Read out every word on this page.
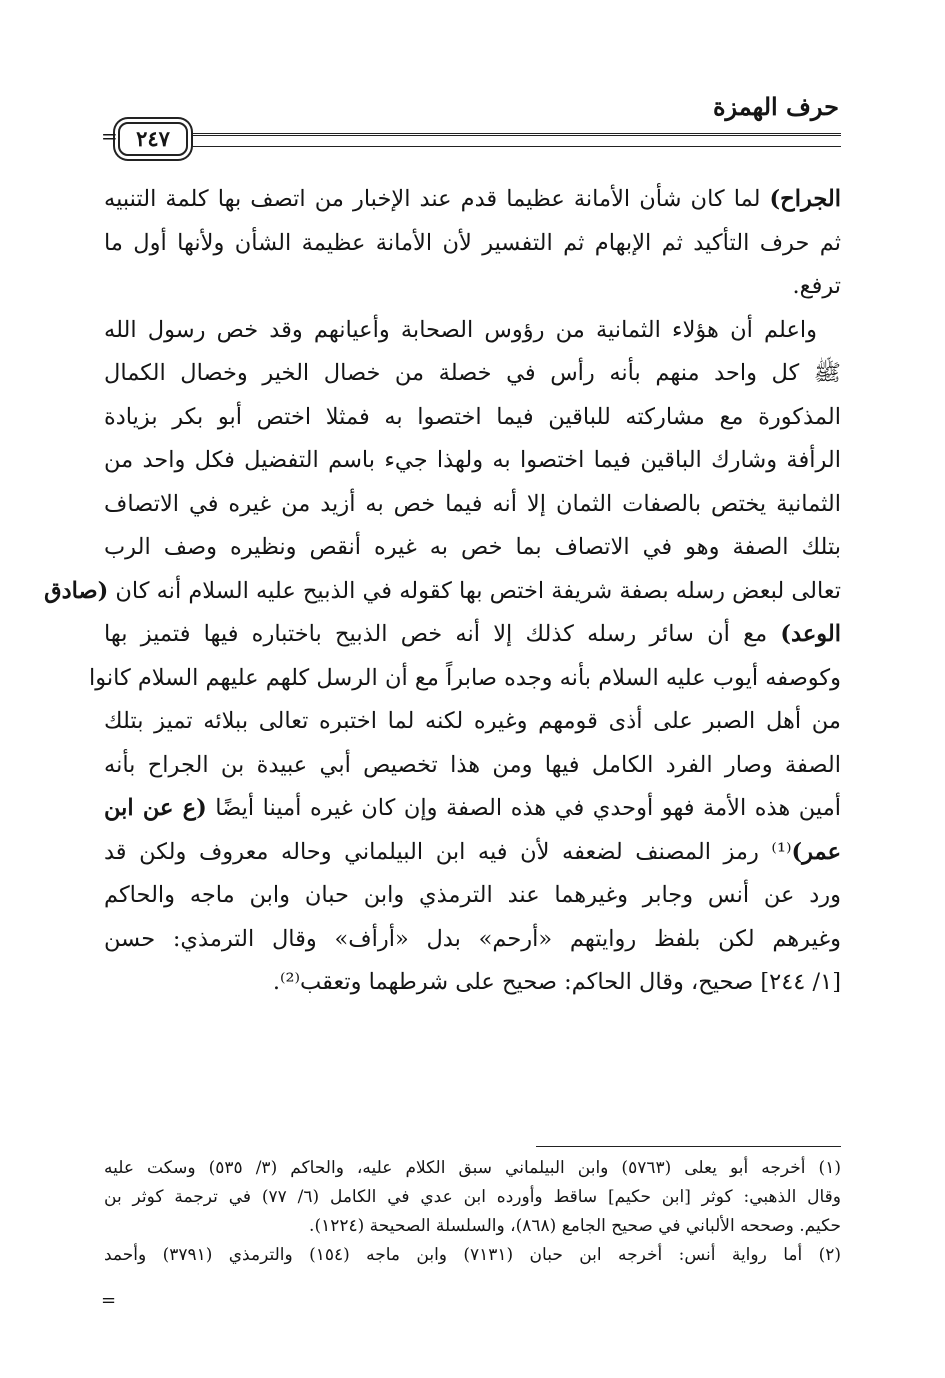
حرف الهمزة
٢٤٧
=
الجراح) لما كان شأن الأمانة عظيما قدم عند الإخبار من اتصف بها كلمة التنبيه
ثم حرف التأكيد ثم الإبهام ثم التفسير لأن الأمانة عظيمة الشأن ولأنها أول ما
ترفع.
واعلم أن هؤلاء الثمانية من رؤوس الصحابة وأعيانهم وقد خص رسول الله
ﷺ كل واحد منهم بأنه رأس في خصلة من خصال الخير وخصال الكمال
المذكورة مع مشاركته للباقين فيما اختصوا به فمثلا اختص أبو بكر بزيادة
الرأفة وشارك الباقين فيما اختصوا به ولهذا جيء باسم التفضيل فكل واحد من
الثمانية يختص بالصفات الثمان إلا أنه فيما خص به أزيد من غيره في الاتصاف
بتلك الصفة وهو في الاتصاف بما خص به غيره أنقص ونظيره وصف الرب
تعالى لبعض رسله بصفة شريفة اختص بها كقوله في الذبيح عليه السلام أنه كان (صادق
الوعد) مع أن سائر رسله كذلك إلا أنه خص الذبيح باختباره فيها فتميز بها
وكوصفه أيوب عليه السلام بأنه وجده صابراً مع أن الرسل كلهم عليهم السلام كانوا
من أهل الصبر على أذى قومهم وغيره لكنه لما اختبره تعالى ببلائه تميز بتلك
الصفة وصار الفرد الكامل فيها ومن هذا تخصيص أبي عبيدة بن الجراح بأنه
أمين هذه الأمة فهو أوحدي في هذه الصفة وإن كان غيره أمينا أيضًا (ع عن ابن
عمر)⁽¹⁾ رمز المصنف لضعفه لأن فيه ابن البيلماني وحاله معروف ولكن قد
ورد عن أنس وجابر وغيرهما عند الترمذي وابن حبان وابن ماجه والحاكم
وغيرهم لكن بلفظ روايتهم «أرحم» بدل «أرأف» وقال الترمذي: حسن
[١/ ٢٤٤] صحيح، وقال الحاكم: صحيح على شرطهما وتعقب⁽²⁾.
(١) أخرجه أبو يعلى (٥٧٦٣) وابن البيلماني سبق الكلام عليه، والحاكم (٣/ ٥٣٥) وسكت عليه
وقال الذهبي: كوثر [ابن حكيم] ساقط وأورده ابن عدي في الكامل (٦/ ٧٧) في ترجمة كوثر بن
حكيم. وصححه الألباني في صحيح الجامع (٨٦٨)، والسلسلة الصحيحة (١٢٢٤).
(٢) أما رواية أنس: أخرجه ابن حبان (٧١٣١) وابن ماجه (١٥٤) والترمذي (٣٧٩١) وأحمد
=
